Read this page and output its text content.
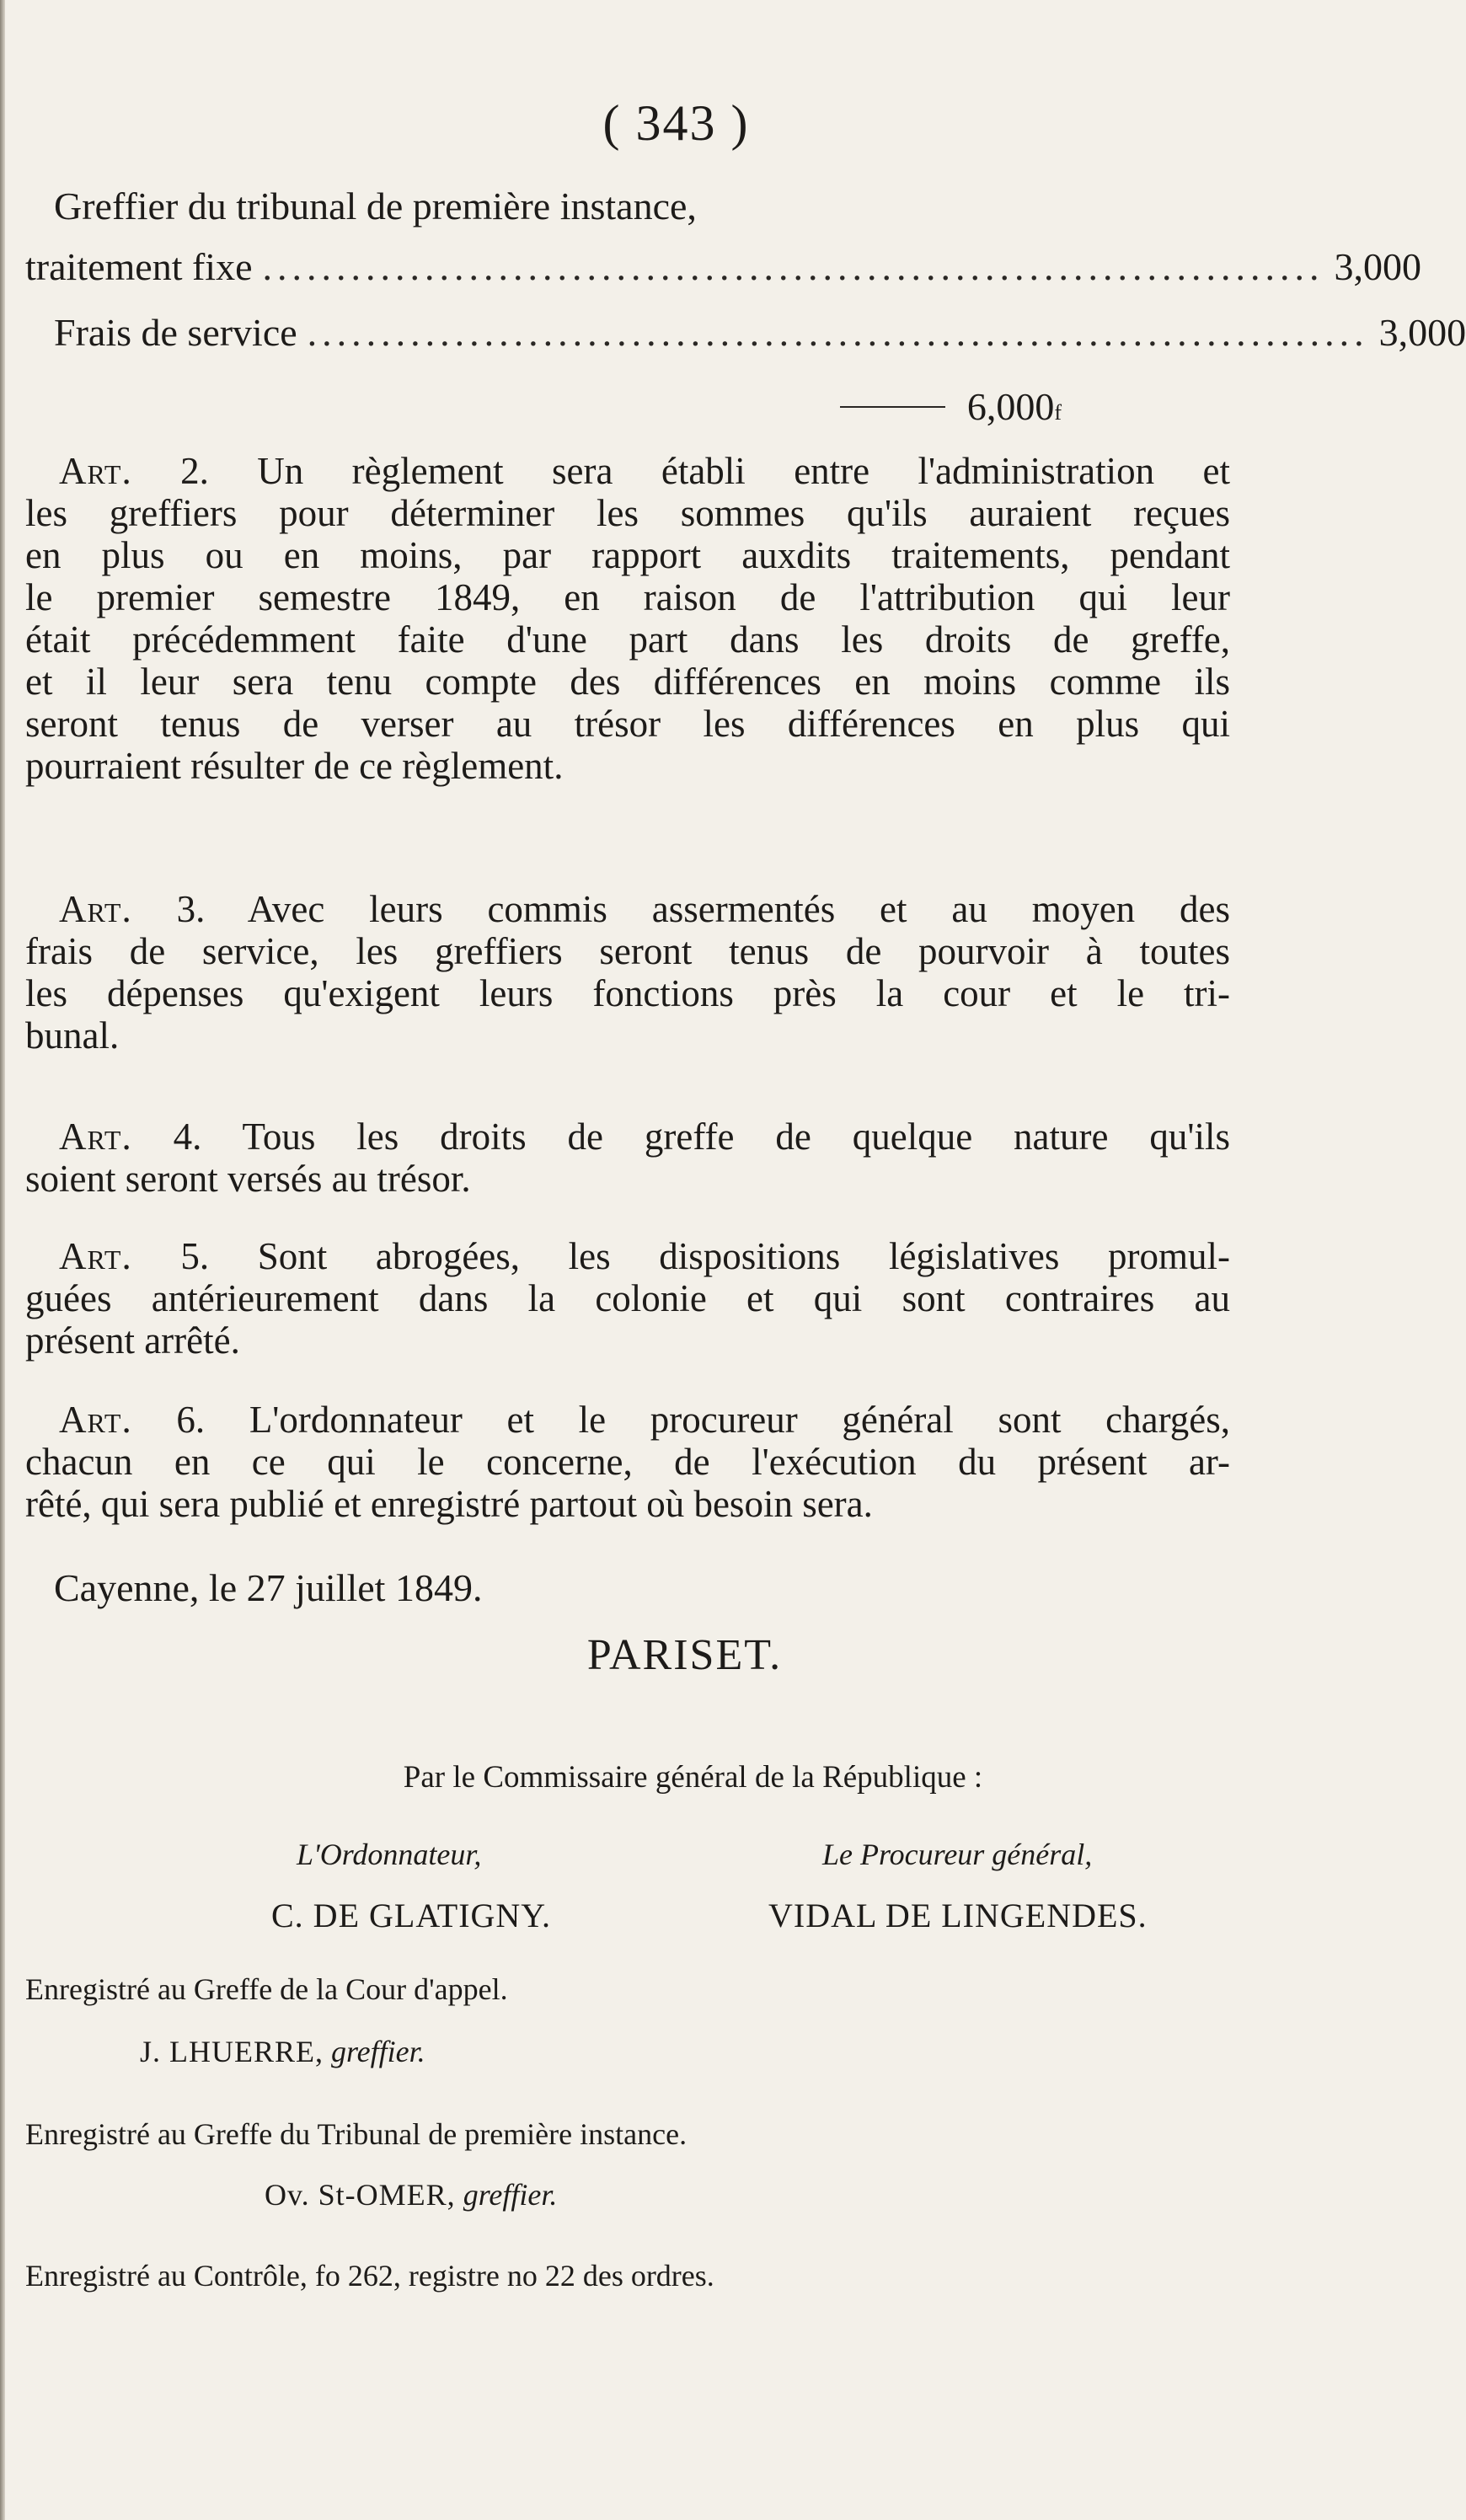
( 343 )
Greffier du tribunal de première instance,
traitement fixe ........................................................................ 3,000
Frais de service ........................................................................ 3,000
6,000 f
Art. 2. Un règlement sera établi entre l'administration et
les greffiers pour déterminer les sommes qu'ils auraient reçues
en plus ou en moins, par rapport auxdits traitements, pendant
le premier semestre 1849, en raison de l'attribution qui leur
était précédemment faite d'une part dans les droits de greffe,
et il leur sera tenu compte des différences en moins comme ils
seront tenus de verser au trésor les différences en plus qui
pourraient résulter de ce règlement.
Art. 3. Avec leurs commis assermentés et au moyen des
frais de service, les greffiers seront tenus de pourvoir à toutes
les dépenses qu'exigent leurs fonctions près la cour et le tri-
bunal.
Art. 4. Tous les droits de greffe de quelque nature qu'ils
soient seront versés au trésor.
Art. 5. Sont abrogées, les dispositions législatives promul-
guées antérieurement dans la colonie et qui sont contraires au
présent arrêté.
Art. 6. L'ordonnateur et le procureur général sont chargés,
chacun en ce qui le concerne, de l'exécution du présent ar-
rêté, qui sera publié et enregistré partout où besoin sera.
Cayenne, le 27 juillet 1849.
PARISET.
Par le Commissaire général de la République :
L'Ordonnateur,	Le Procureur général,
C. DE GLATIGNY.	VIDAL DE LINGENDES.
Enregistré au Greffe de la Cour d'appel.
J. LHUERRE, greffier.
Enregistré au Greffe du Tribunal de première instance.
Ov. St-OMER, greffier.
Enregistré au Contrôle, fo 262, registre no 22 des ordres.
